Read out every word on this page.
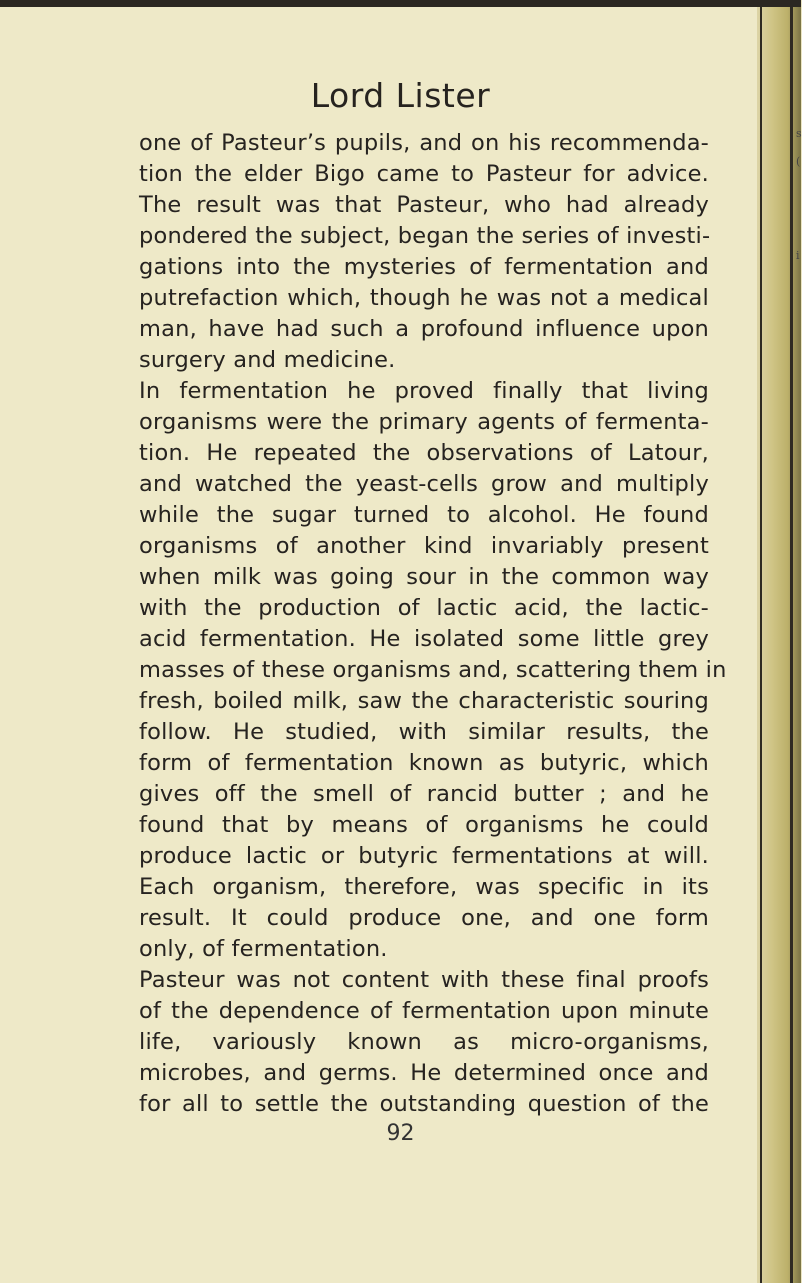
s
(
i
Lord Lister
one of Pasteur’s pupils, and on his recommenda-
tion the elder Bigo came to Pasteur for advice.
The result was that Pasteur, who had already
pondered the subject, began the series of investi-
gations into the mysteries of fermentation and
putrefaction which, though he was not a medical
man, have had such a profound influence upon
surgery and medicine.
In fermentation he proved finally that living
organisms were the primary agents of fermenta-
tion. He repeated the observations of Latour,
and watched the yeast-cells grow and multiply
while the sugar turned to alcohol. He found
organisms of another kind invariably present
when milk was going sour in the common way
with the production of lactic acid, the lactic-
acid fermentation. He isolated some little grey
masses of these organisms and, scattering them in
fresh, boiled milk, saw the characteristic souring
follow. He studied, with similar results, the
form of fermentation known as butyric, which
gives off the smell of rancid butter ; and he
found that by means of organisms he could
produce lactic or butyric fermentations at will.
Each organism, therefore, was specific in its
result. It could produce one, and one form
only, of fermentation.
Pasteur was not content with these final proofs
of the dependence of fermentation upon minute
life, variously known as micro-organisms,
microbes, and germs. He determined once and
for all to settle the outstanding question of the
92
